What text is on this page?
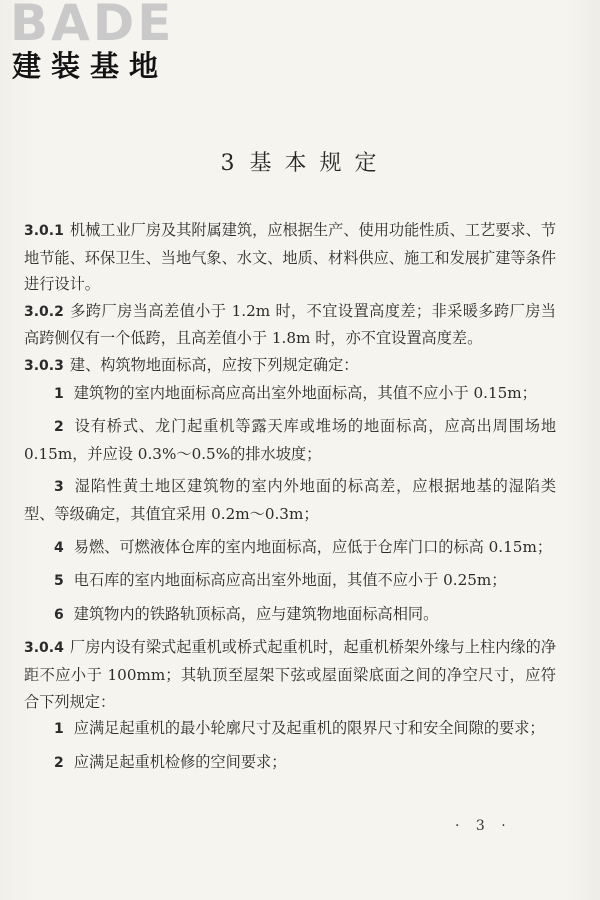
BADE
建装基地
3 基 本 规 定

3.0.1 机械工业厂房及其附属建筑，应根据生产、使用功能性质、工艺要求、节地节能、环保卫生、当地气象、水文、地质、材料供应、施工和发展扩建等条件进行设计。

3.0.2 多跨厂房当高差值小于 1.2m 时，不宜设置高度差；非采暖多跨厂房当高跨侧仅有一个低跨，且高差值小于 1.8m 时，亦不宜设置高度差。

3.0.3 建、构筑物地面标高，应按下列规定确定：

1 建筑物的室内地面标高应高出室外地面标高，其值不应小于 0.15m；

2 设有桥式、龙门起重机等露天库或堆场的地面标高，应高出周围场地 0.15m，并应设 0.3%～0.5%的排水坡度；

3 湿陷性黄土地区建筑物的室内外地面的标高差，应根据地基的湿陷类型、等级确定，其值宜采用 0.2m～0.3m；

4 易燃、可燃液体仓库的室内地面标高，应低于仓库门口的标高 0.15m；

5 电石库的室内地面标高应高出室外地面，其值不应小于 0.25m；

6 建筑物内的铁路轨顶标高，应与建筑物地面标高相同。

3.0.4 厂房内设有梁式起重机或桥式起重机时，起重机桥架外缘与上柱内缘的净距不应小于 100mm；其轨顶至屋架下弦或屋面梁底面之间的净空尺寸，应符合下列规定：

1 应满足起重机的最小轮廓尺寸及起重机的限界尺寸和安全间隙的要求；

2 应满足起重机检修的空间要求；

· 3 ·
